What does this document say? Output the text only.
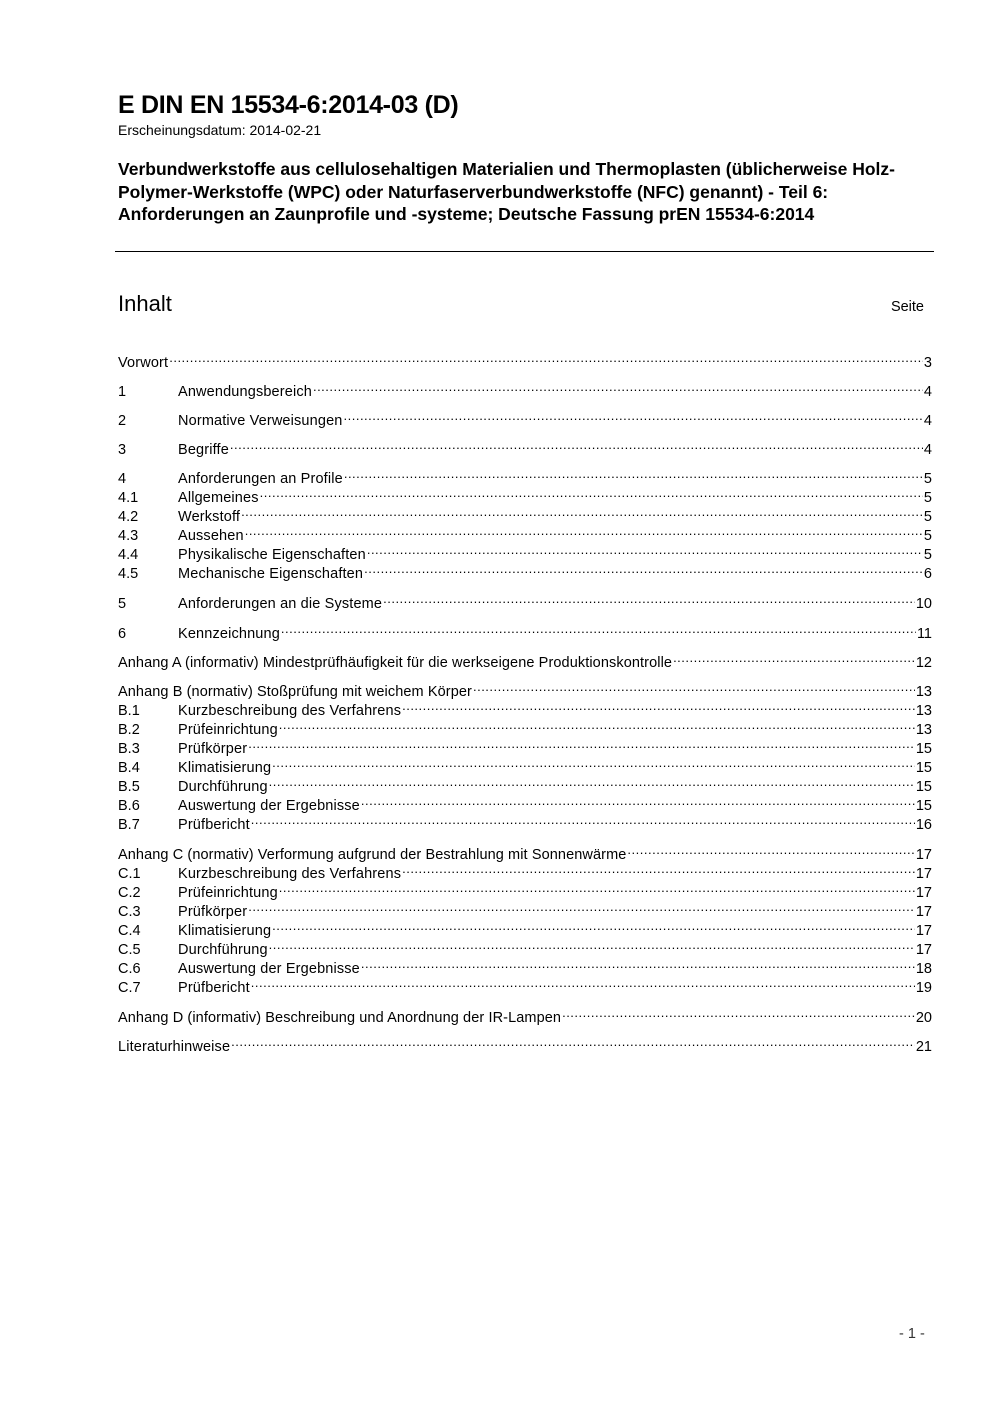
E DIN EN 15534-6:2014-03 (D)
Erscheinungsdatum: 2014-02-21
Verbundwerkstoffe aus cellulosehaltigen Materialien und Thermoplasten (üblicherweise Holz-Polymer-Werkstoffe (WPC) oder Naturfaserverbundwerkstoffe (NFC) genannt) - Teil 6: Anforderungen an Zaunprofile und -systeme; Deutsche Fassung prEN 15534-6:2014
Inhalt	Seite
Vorwort .....	3
1	Anwendungsbereich .....	4
2	Normative Verweisungen .....	4
3	Begriffe .....	4
4	Anforderungen an Profile .....	5
4.1	Allgemeines .....	5
4.2	Werkstoff .....	5
4.3	Aussehen .....	5
4.4	Physikalische Eigenschaften .....	5
4.5	Mechanische Eigenschaften .....	6
5	Anforderungen an die Systeme .....	10
6	Kennzeichnung .....	11
Anhang A (informativ) Mindestprüfhäufigkeit für die werkseigene Produktionskontrolle .....	12
Anhang B (normativ) Stoßprüfung mit weichem Körper .....	13
B.1	Kurzbeschreibung des Verfahrens .....	13
B.2	Prüfeinrichtung .....	13
B.3	Prüfkörper .....	15
B.4	Klimatisierung .....	15
B.5	Durchführung .....	15
B.6	Auswertung der Ergebnisse .....	15
B.7	Prüfbericht .....	16
Anhang C (normativ) Verformung aufgrund der Bestrahlung mit Sonnenwärme .....	17
C.1	Kurzbeschreibung des Verfahrens .....	17
C.2	Prüfeinrichtung .....	17
C.3	Prüfkörper .....	17
C.4	Klimatisierung .....	17
C.5	Durchführung .....	17
C.6	Auswertung der Ergebnisse .....	18
C.7	Prüfbericht .....	19
Anhang D (informativ) Beschreibung und Anordnung der IR-Lampen .....	20
Literaturhinweise .....	21
- 1 -
